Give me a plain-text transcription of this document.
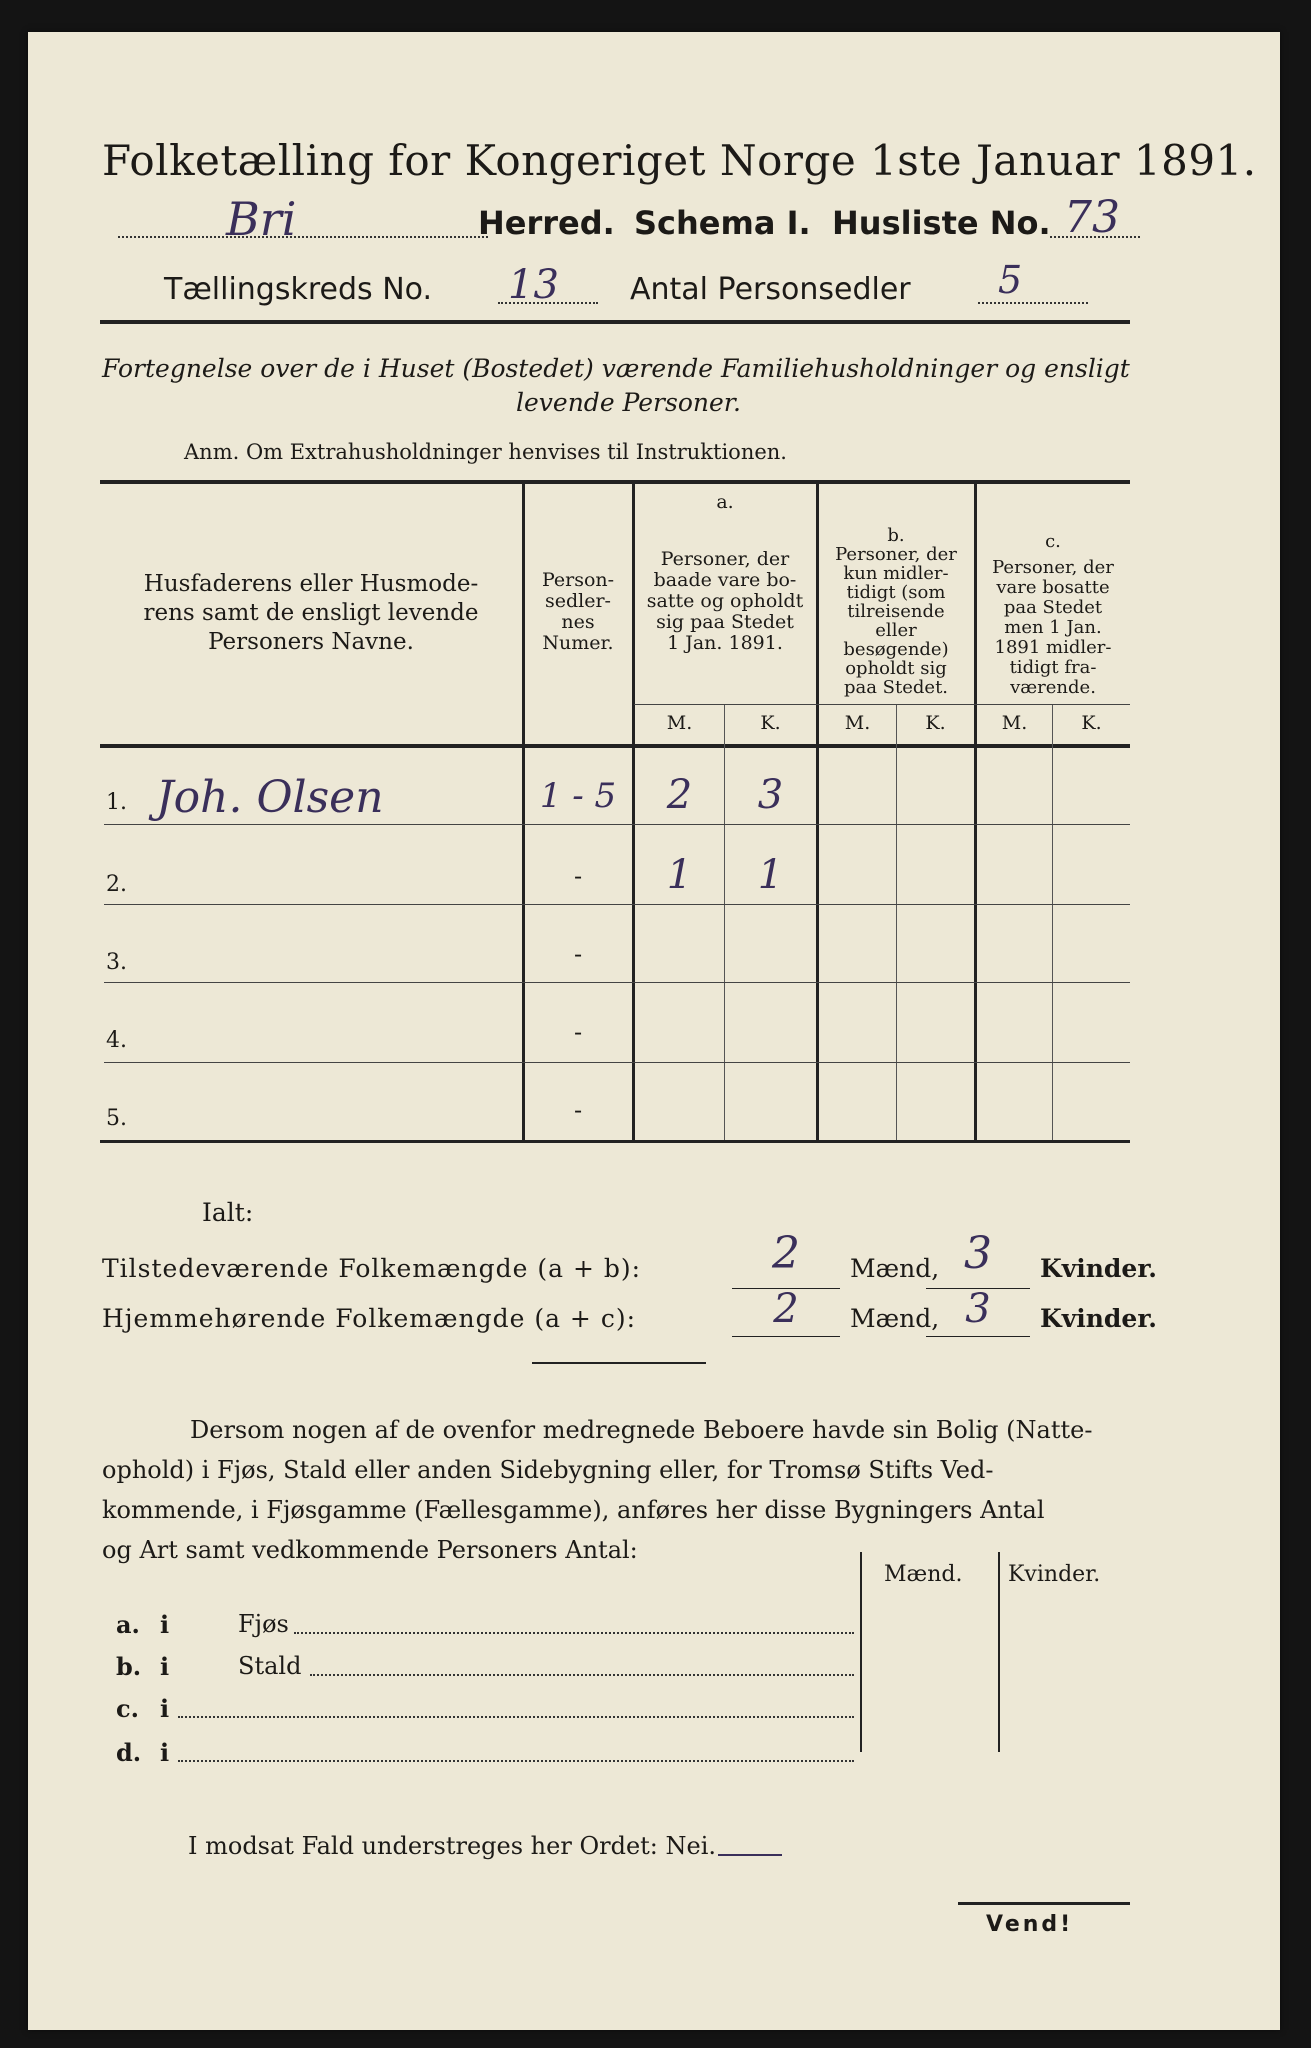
Folketælling for Kongeriget Norge 1ste Januar 1891.
Bri	Herred. Schema I. Husliste No. 73
Tællingskreds No. 13 Antal Personsedler 5
Fortegnelse over de i Huset (Bostedet) værende Familiehusholdninger og ensligt
levende Personer.
Anm. Om Extrahusholdninger henvises til Instruktionen.
Husfaderens eller Husmode-
rens samt de ensligt levende
Personers Navne.
Person-
sedler-
nes
Numer.
a.
Personer, der
baade vare bo-
satte og opholdt
sig paa Stedet
1 Jan. 1891.
b.
Personer, der
kun midler-
tidigt (som
tilreisende
eller
besøgende)
opholdt sig
paa Stedet.
c.
Personer, der
vare bosatte
paa Stedet
men 1 Jan.
1891 midler-
tidigt fra-
værende.
M.	K.	M.	K.	M.	K.
1. Joh. Olsen	1 - 5	2	3
2.	-	1	1
3.	-
4.	-
5.	-
Ialt:
Tilstedeværende Folkemængde (a + b):	2	Mænd, 3	Kvinder.
Hjemmehørende Folkemængde (a + c):	2	Mænd, 3	Kvinder.
Dersom nogen af de ovenfor medregnede Beboere havde sin Bolig (Natte-
ophold) i Fjøs, Stald eller anden Sidebygning eller, for Tromsø Stifts Ved-
kommende, i Fjøsgamme (Fællesgamme), anføres her disse Bygningers Antal
og Art samt vedkommende Personers Antal:
Mænd. Kvinder.
a. i	Fjøs
b. i	Stald
c. i
d. i
I modsat Fald understreges her Ordet: Nei.
Vend!
